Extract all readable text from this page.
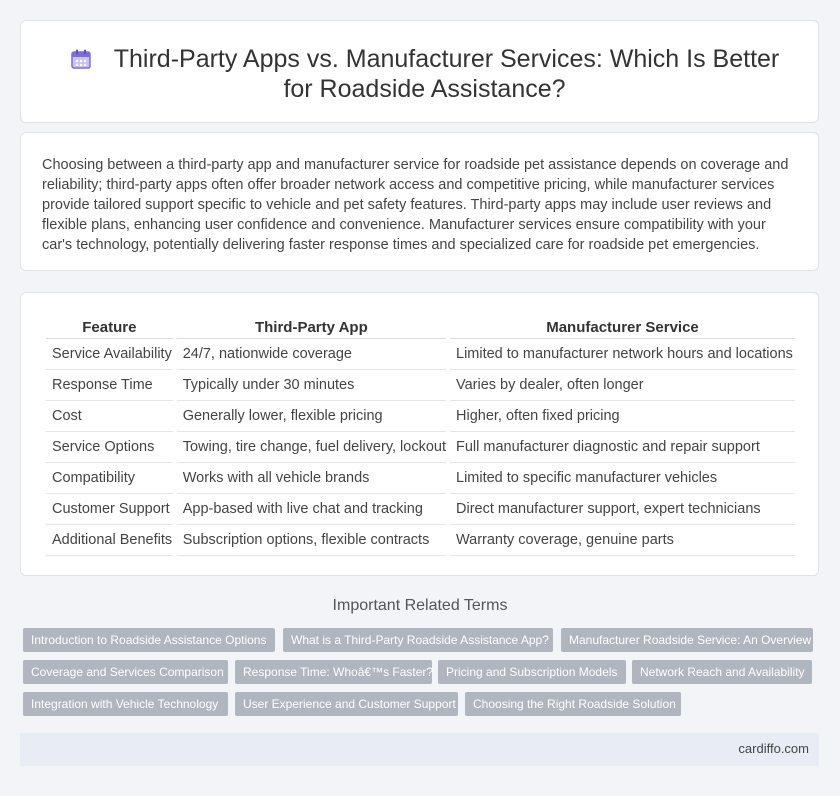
Third-Party Apps vs. Manufacturer Services: Which Is Better for Roadside Assistance?

Choosing between a third-party app and manufacturer service for roadside pet assistance depends on coverage and reliability; third-party apps often offer broader network access and competitive pricing, while manufacturer services provide tailored support specific to vehicle and pet safety features. Third-party apps may include user reviews and flexible plans, enhancing user confidence and convenience. Manufacturer services ensure compatibility with your car's technology, potentially delivering faster response times and specialized care for roadside pet emergencies.

Feature	Third-Party App	Manufacturer Service
Service Availability	24/7, nationwide coverage	Limited to manufacturer network hours and locations
Response Time	Typically under 30 minutes	Varies by dealer, often longer
Cost	Generally lower, flexible pricing	Higher, often fixed pricing
Service Options	Towing, tire change, fuel delivery, lockout	Full manufacturer diagnostic and repair support
Compatibility	Works with all vehicle brands	Limited to specific manufacturer vehicles
Customer Support	App-based with live chat and tracking	Direct manufacturer support, expert technicians
Additional Benefits	Subscription options, flexible contracts	Warranty coverage, genuine parts
Important Related Terms
Introduction to Roadside Assistance Options	What is a Third-Party Roadside Assistance App?	Manufacturer Roadside Service: An Overview
Coverage and Services Comparison	Response Time: Whoâ€™s Faster?	Pricing and Subscription Models	Network Reach and Availability
Integration with Vehicle Technology	User Experience and Customer Support	Choosing the Right Roadside Solution
cardiffo.com
